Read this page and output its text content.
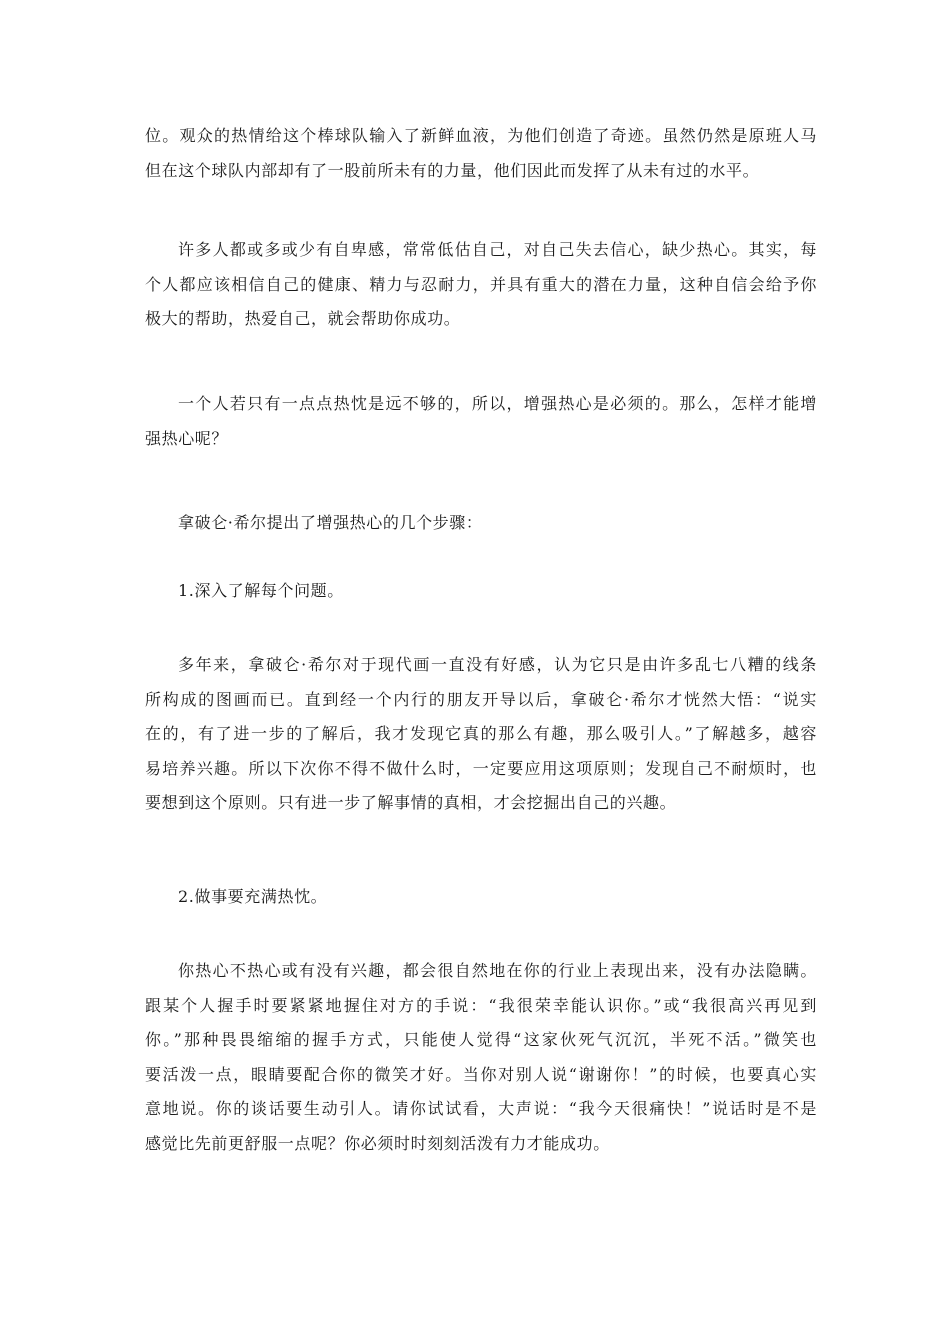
位。观众的热情给这个棒球队输入了新鲜血液，为他们创造了奇迹。虽然仍然是原班人马
但在这个球队内部却有了一股前所未有的力量，他们因此而发挥了从未有过的水平。
许多人都或多或少有自卑感，常常低估自己，对自己失去信心，缺少热心。其实，每
个人都应该相信自己的健康、精力与忍耐力，并具有重大的潜在力量，这种自信会给予你
极大的帮助，热爱自己，就会帮助你成功。
一个人若只有一点点热忱是远不够的，所以，增强热心是必须的。那么，怎样才能增
强热心呢？
拿破仑·希尔提出了增强热心的几个步骤：
1.深入了解每个问题。
多年来，拿破仑·希尔对于现代画一直没有好感，认为它只是由许多乱七八糟的线条
所构成的图画而已。直到经一个内行的朋友开导以后，拿破仑·希尔才恍然大悟：“说实
在的，有了进一步的了解后，我才发现它真的那么有趣，那么吸引人。”了解越多，越容
易培养兴趣。所以下次你不得不做什么时，一定要应用这项原则；发现自己不耐烦时，也
要想到这个原则。只有进一步了解事情的真相，才会挖掘出自己的兴趣。
2.做事要充满热忱。
你热心不热心或有没有兴趣，都会很自然地在你的行业上表现出来，没有办法隐瞒。
跟某个人握手时要紧紧地握住对方的手说：“我很荣幸能认识你。”或“我很高兴再见到
你。”那种畏畏缩缩的握手方式，只能使人觉得“这家伙死气沉沉，半死不活。”微笑也
要活泼一点，眼睛要配合你的微笑才好。当你对别人说“谢谢你！”的时候，也要真心实
意地说。你的谈话要生动引人。请你试试看，大声说：“我今天很痛快！”说话时是不是
感觉比先前更舒服一点呢？你必须时时刻刻活泼有力才能成功。
